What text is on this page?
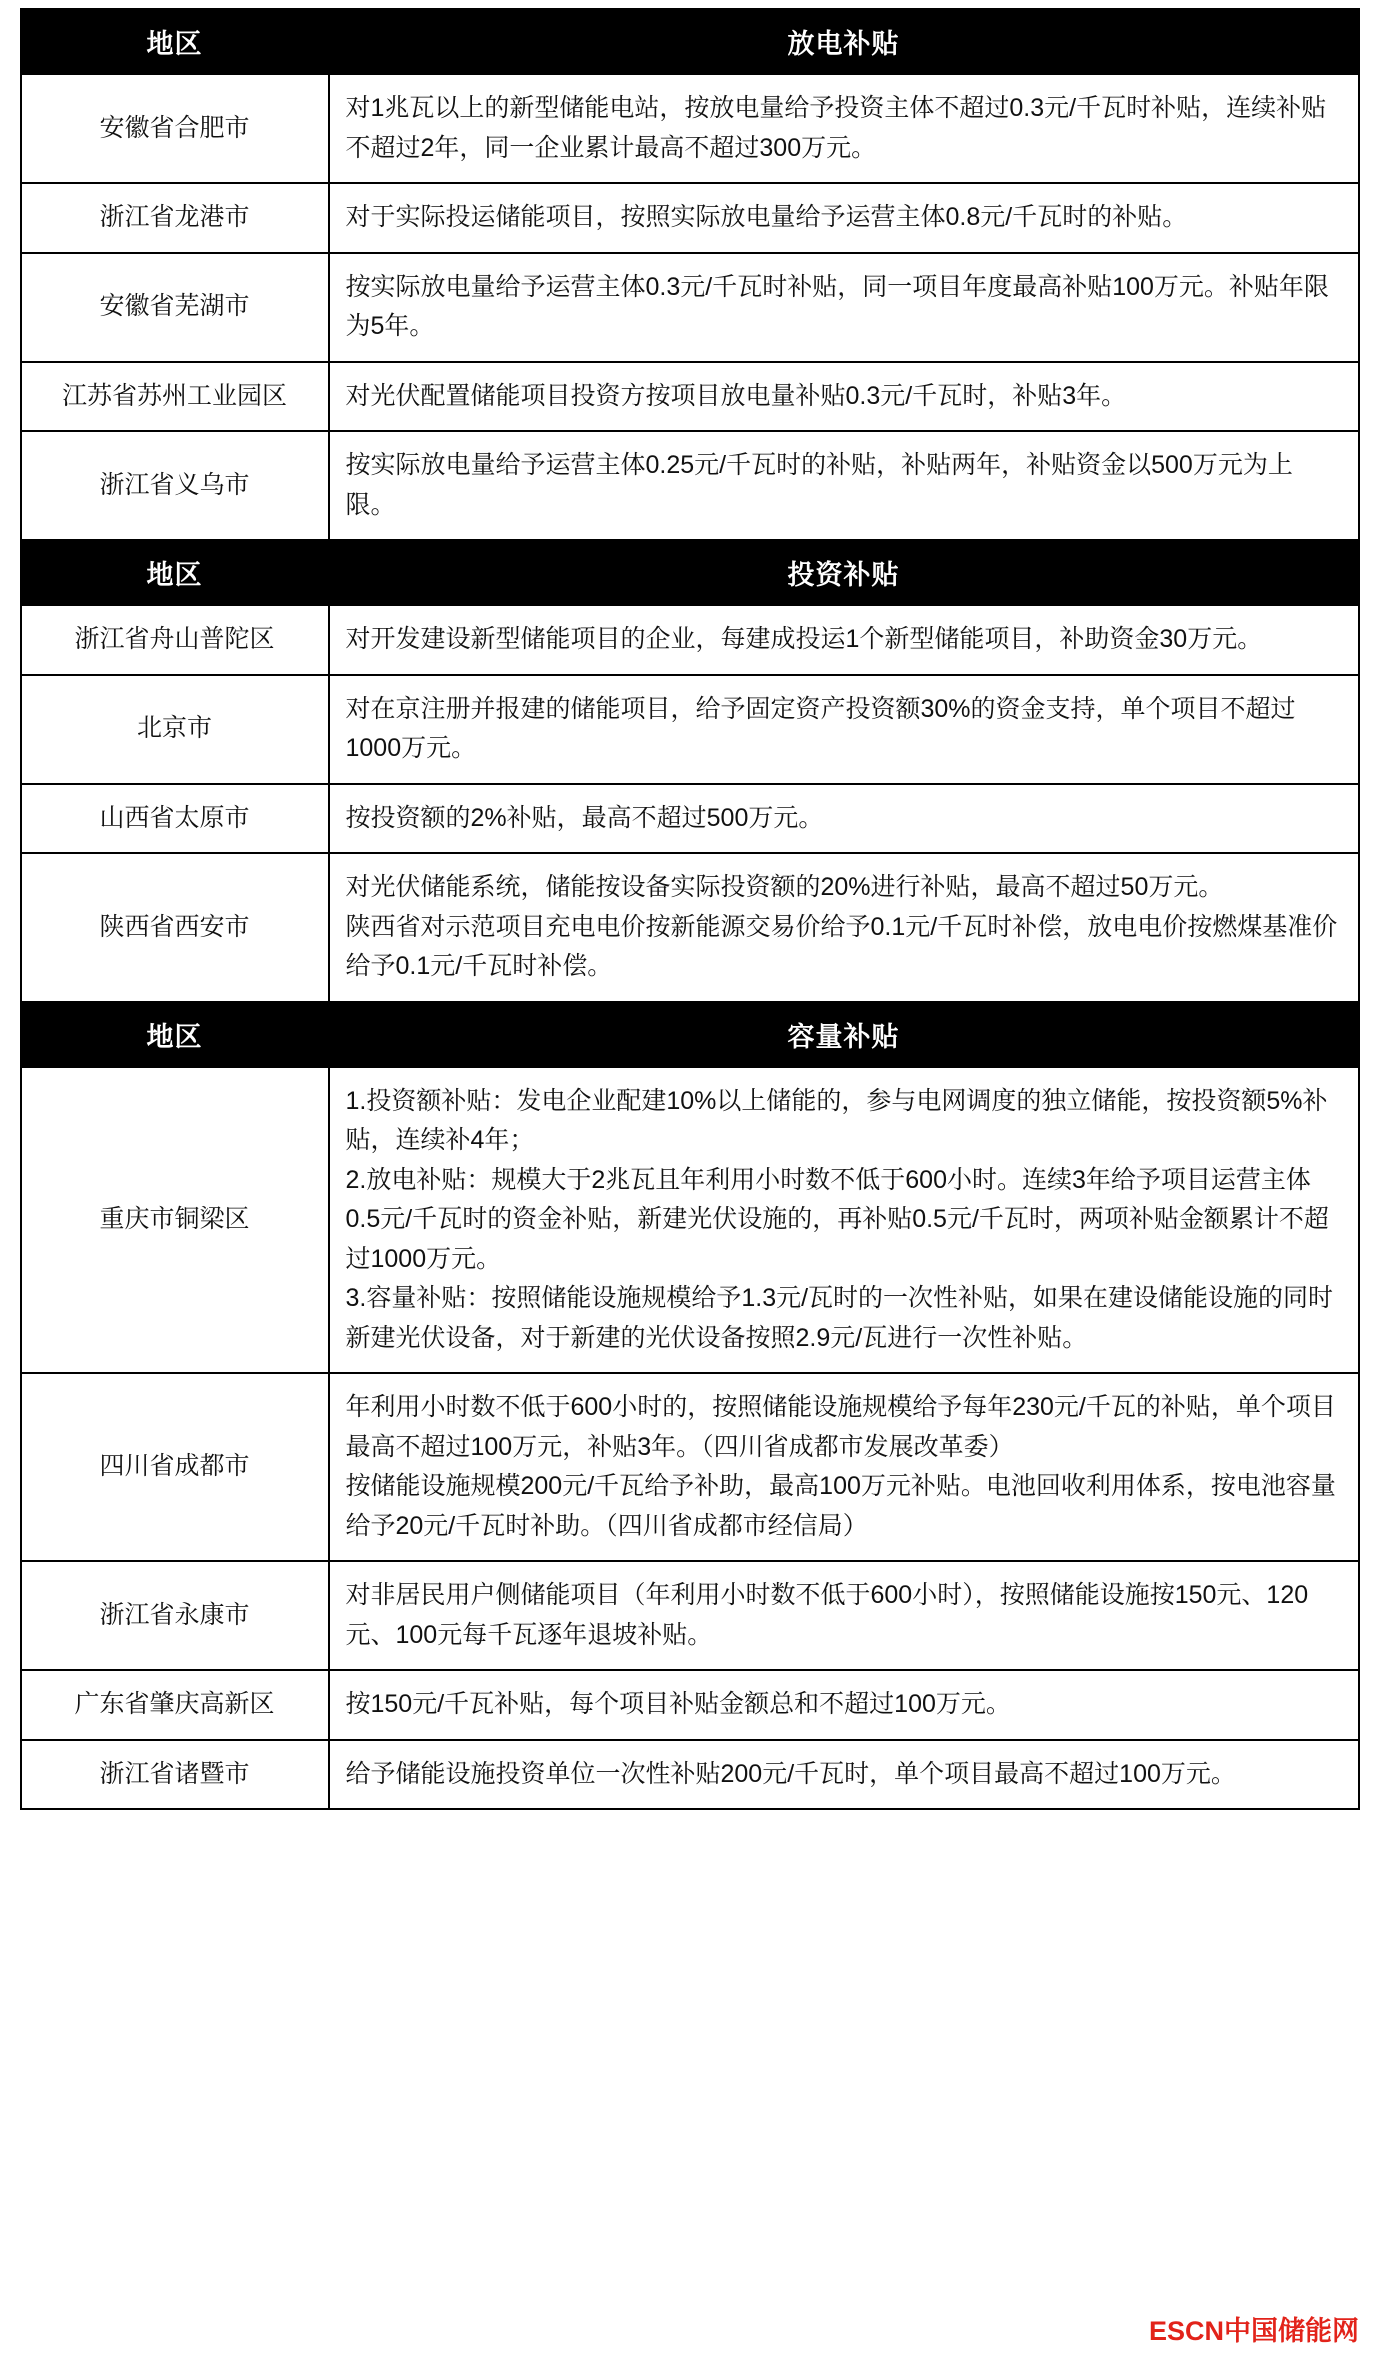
地区	放电补贴
安徽省合肥市	对1兆瓦以上的新型储能电站，按放电量给予投资主体不超过0.3元/千瓦时补贴，连续补贴不超过2年，同一企业累计最高不超过300万元。

浙江省龙港市	对于实际投运储能项目，按照实际放电量给予运营主体0.8元/千瓦时的补贴。

安徽省芜湖市	按实际放电量给予运营主体0.3元/千瓦时补贴，同一项目年度最高补贴100万元。补贴年限为5年。

江苏省苏州工业园区	对光伏配置储能项目投资方按项目放电量补贴0.3元/千瓦时，补贴3年。

浙江省义乌市	按实际放电量给予运营主体0.25元/千瓦时的补贴，补贴两年，补贴资金以500万元为上限。

地区	投资补贴
浙江省舟山普陀区	对开发建设新型储能项目的企业，每建成投运1个新型储能项目，补助资金30万元。

北京市	对在京注册并报建的储能项目，给予固定资产投资额30%的资金支持，单个项目不超过1000万元。

山西省太原市	按投资额的2%补贴，最高不超过500万元。

陕西省西安市	对光伏储能系统，储能按设备实际投资额的20%进行补贴，最高不超过50万元。

陕西省对示范项目充电电价按新能源交易价给予0.1元/千瓦时补偿，放电电价按燃煤基准价给予0.1元/千瓦时补偿。

地区	容量补贴
重庆市铜梁区	1.投资额补贴：发电企业配建10%以上储能的，参与电网调度的独立储能，按投资额5%补贴，连续补4年；

2.放电补贴：规模大于2兆瓦且年利用小时数不低于600小时。连续3年给予项目运营主体0.5元/千瓦时的资金补贴，新建光伏设施的，再补贴0.5元/千瓦时，两项补贴金额累计不超过1000万元。

3.容量补贴：按照储能设施规模给予1.3元/瓦时的一次性补贴，如果在建设储能设施的同时新建光伏设备，对于新建的光伏设备按照2.9元/瓦进行一次性补贴。

四川省成都市	年利用小时数不低于600小时的，按照储能设施规模给予每年230元/千瓦的补贴，单个项目最高不超过100万元，补贴3年。（四川省成都市发展改革委）

按储能设施规模200元/千瓦给予补助，最高100万元补贴。电池回收利用体系，按电池容量给予20元/千瓦时补助。（四川省成都市经信局）

浙江省永康市	对非居民用户侧储能项目（年利用小时数不低于600小时），按照储能设施按150元、120元、100元每千瓦逐年退坡补贴。

广东省肇庆高新区	按150元/千瓦补贴，每个项目补贴金额总和不超过100万元。

浙江省诸暨市	给予储能设施投资单位一次性补贴200元/千瓦时，单个项目最高不超过100万元。

ESCN中国储能网
